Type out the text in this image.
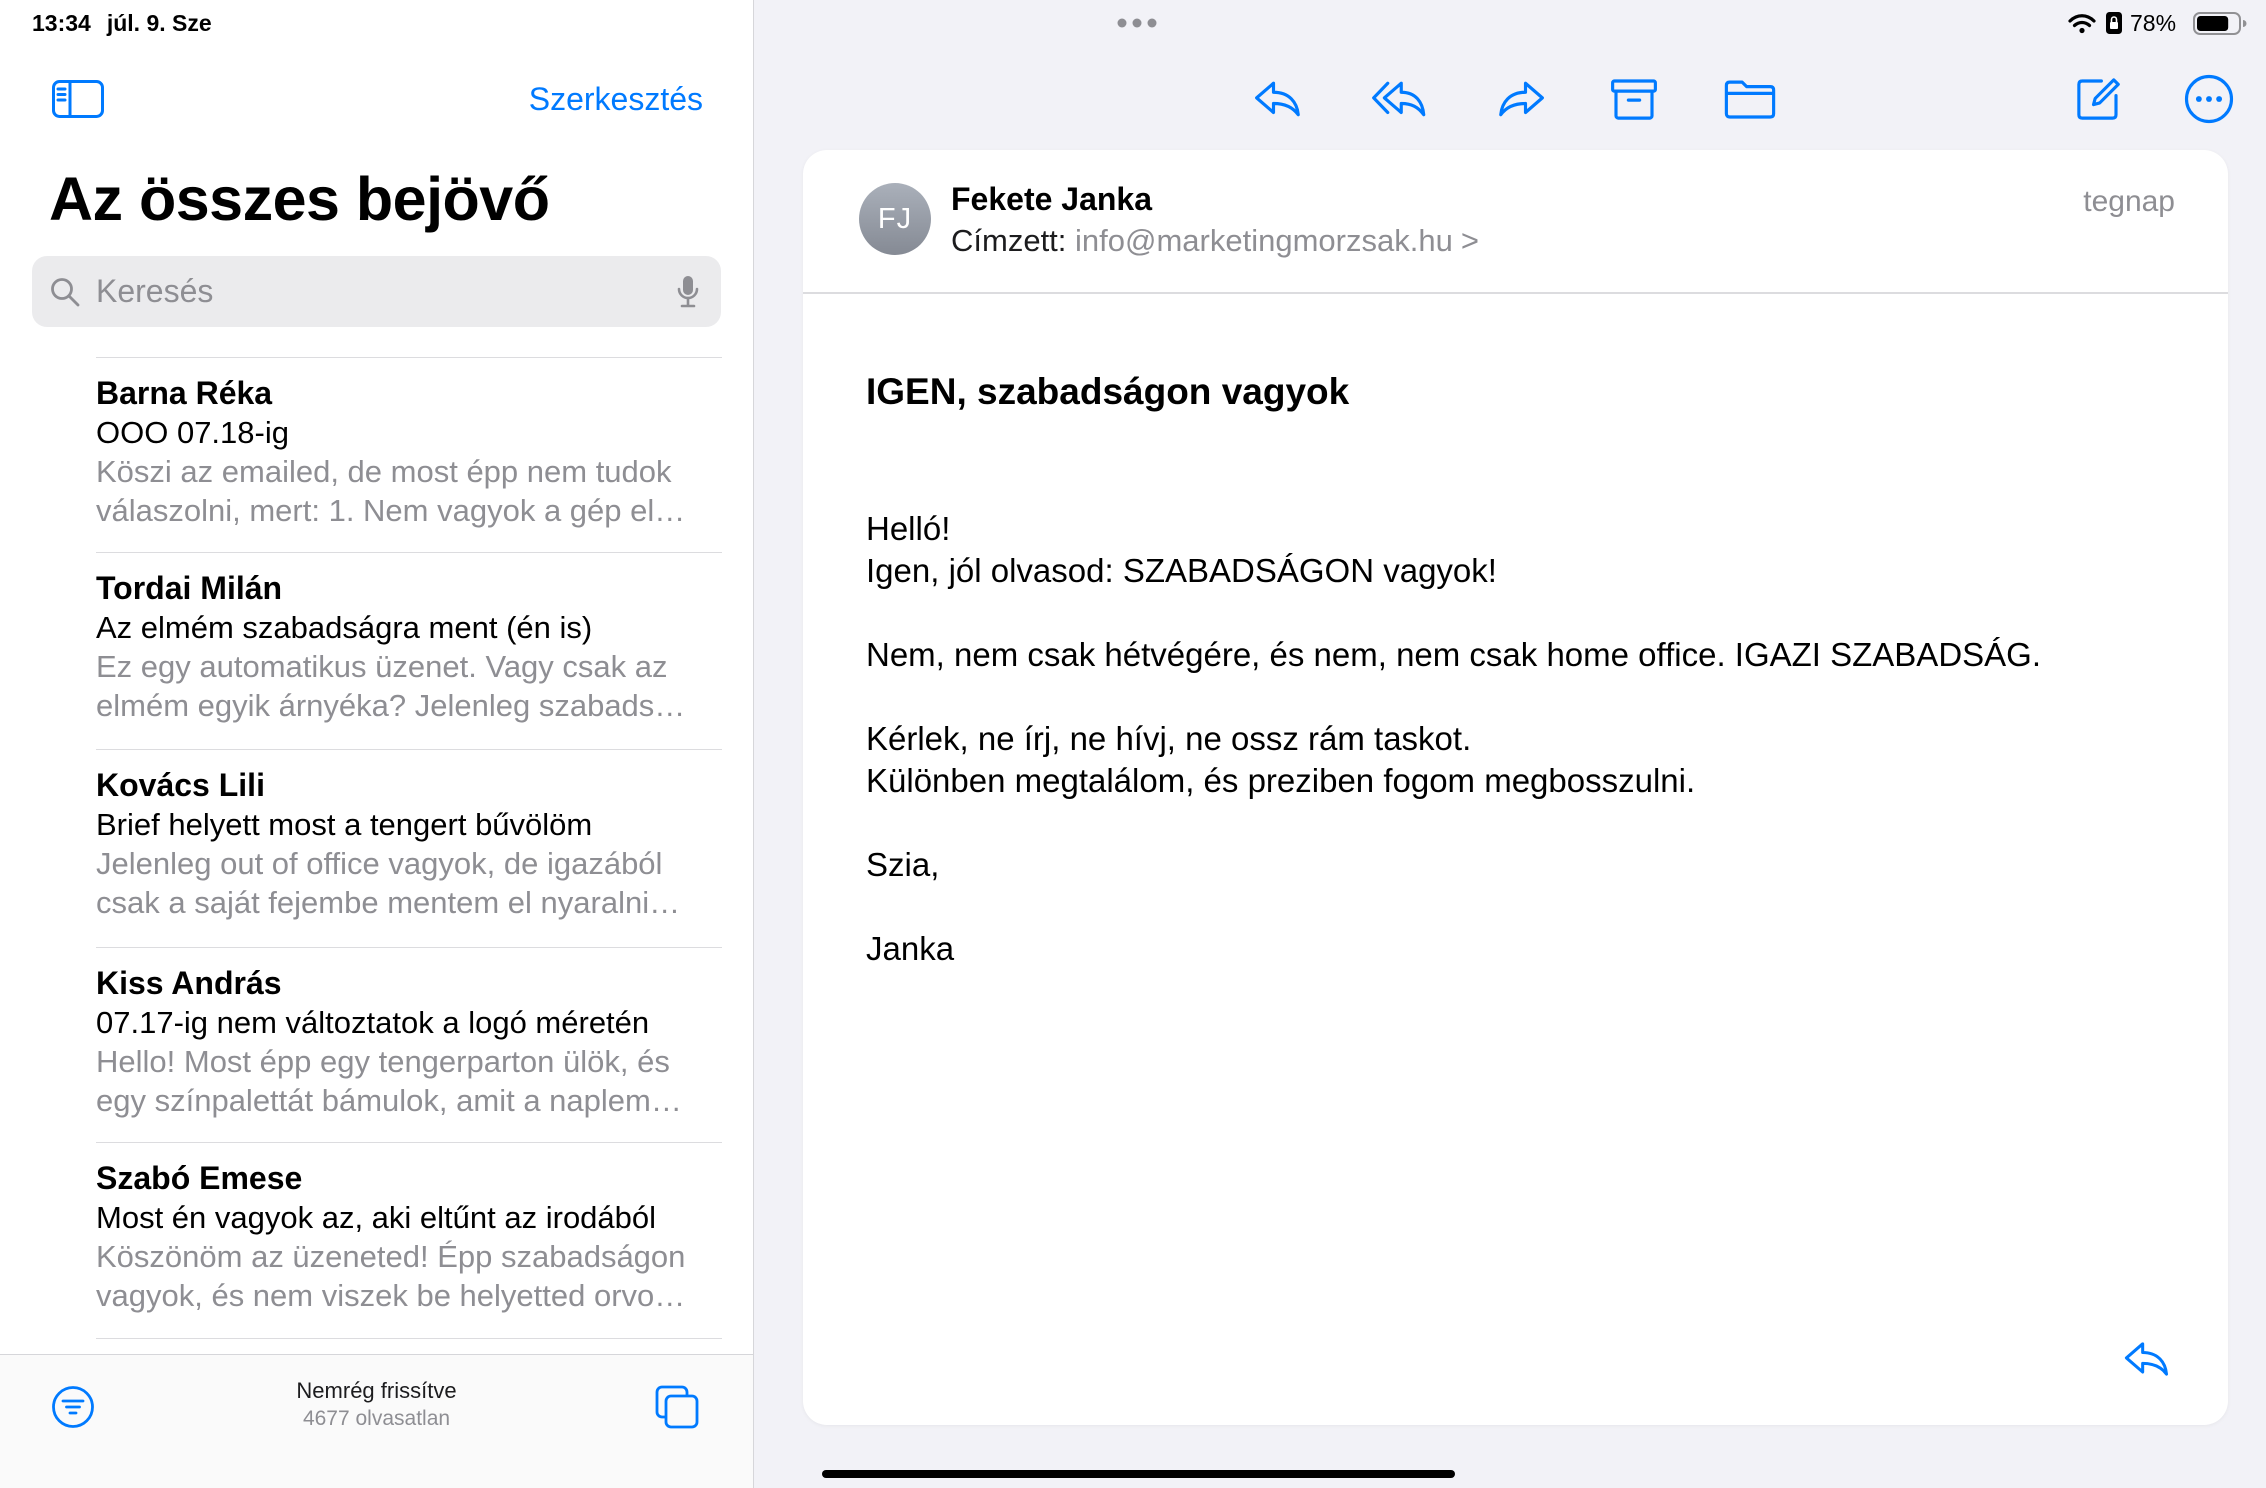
13:34 júl. 9. Sze
Szerkesztés
Az összes bejövő
Keresés
Barna Réka
OOO 07.18-ig
Köszi az emailed, de most épp nem tudok
válaszolni, mert: 1. Nem vagyok a gép el…
Tordai Milán
Az elmém szabadságra ment (én is)
Ez egy automatikus üzenet. Vagy csak az
elmém egyik árnyéka? Jelenleg szabads…
Kovács Lili
Brief helyett most a tengert bűvölöm
Jelenleg out of office vagyok, de igazából
csak a saját fejembe mentem el nyaralni…
Kiss András
07.17-ig nem változtatok a logó méretén
Hello! Most épp egy tengerparton ülök, és
egy színpalettát bámulok, amit a naplem…
Szabó Emese
Most én vagyok az, aki eltűnt az irodából
Köszönöm az üzeneted! Épp szabadságon
vagyok, és nem viszek be helyetted orvo…
Nemrég frissítve
4677 olvasatlan
78%
FJ
Fekete Janka
Címzett: info@marketingmorzsak.hu >
tegnap
IGEN, szabadságon vagyok

Helló!
Igen, jól olvasod: SZABADSÁGON vagyok!

Nem, nem csak hétvégére, és nem, nem csak home office. IGAZI SZABADSÁG.

Kérlek, ne írj, ne hívj, ne ossz rám taskot.
Különben megtalálom, és preziben fogom megbosszulni.

Szia,

Janka
